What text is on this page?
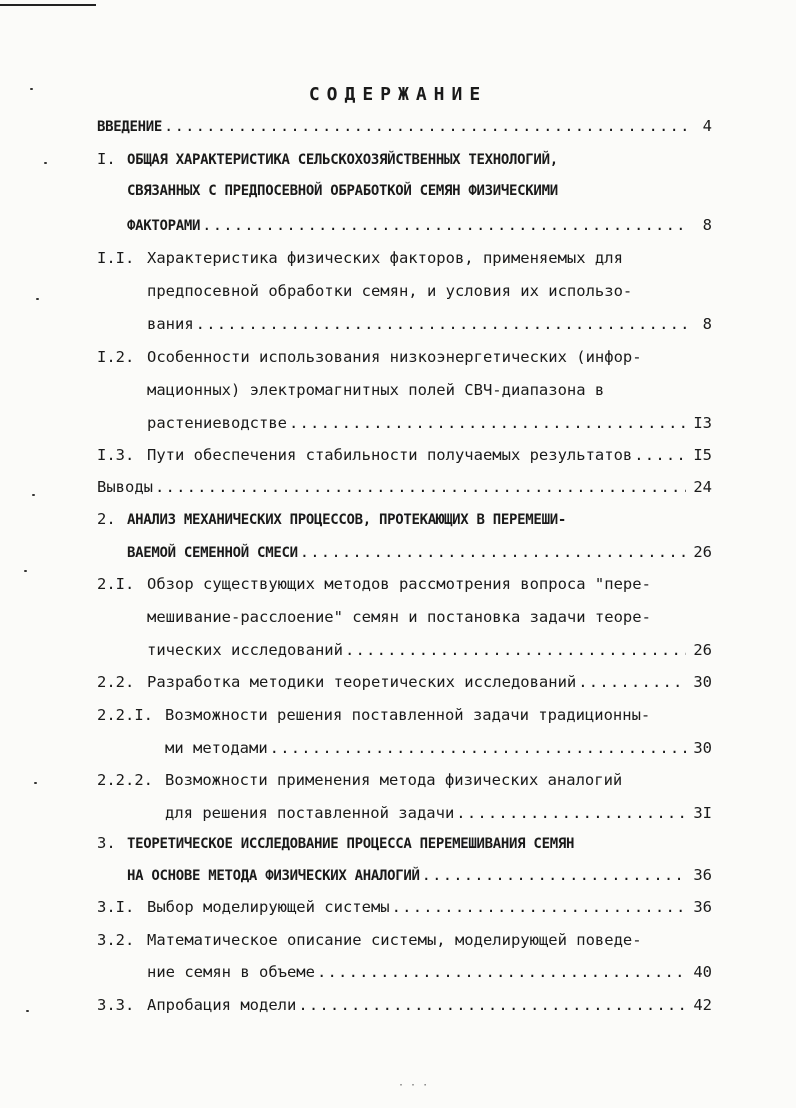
СОДЕРЖАНИЕ
ВВЕДЕНИЕ .....	4
I. ОБЩАЯ ХАРАКТЕРИСТИКА СЕЛЬСКОХОЗЯЙСТВЕННЫХ ТЕХНОЛОГИЙ,
СВЯЗАННЫХ С ПРЕДПОСЕВНОЙ ОБРАБОТКОЙ СЕМЯН ФИЗИЧЕСКИМИ
ФАКТОРАМИ .....	8
I.I. Характеристика физических факторов, применяемых для
предпосевной обработки семян, и условия их использо-
вания .....	8
I.2. Особенности использования низкоэнергетических (инфор-
мационных) электромагнитных полей СВЧ-диапазона в
растениеводстве .....	I3
I.3. Пути обеспечения стабильности получаемых результатов .....	I5
Выводы .....	24
2. АНАЛИЗ МЕХАНИЧЕСКИХ ПРОЦЕССОВ, ПРОТЕКАЮЩИХ В ПЕРЕМЕШИ-
ВАЕМОЙ СЕМЕННОЙ СМЕСИ .....	26
2.I. Обзор существующих методов рассмотрения вопроса "пере-
мешивание-расслоение" семян и постановка задачи теоре-
тических исследований .....	26
2.2. Разработка методики теоретических исследований .....	30
2.2.I. Возможности решения поставленной задачи традиционны-
ми методами .....	30
2.2.2. Возможности применения метода физических аналогий
для решения поставленной задачи .....	3I
3. ТЕОРЕТИЧЕСКОЕ ИССЛЕДОВАНИЕ ПРОЦЕССА ПЕРЕМЕШИВАНИЯ СЕМЯН
НА ОСНОВЕ МЕТОДА ФИЗИЧЕСКИХ АНАЛОГИЙ .....	36
3.I. Выбор моделирующей системы .....	36
3.2. Математическое описание системы, моделирующей поведе-
ние семян в объеме .....	40
3.3. Апробация модели .....	42
· · ·
